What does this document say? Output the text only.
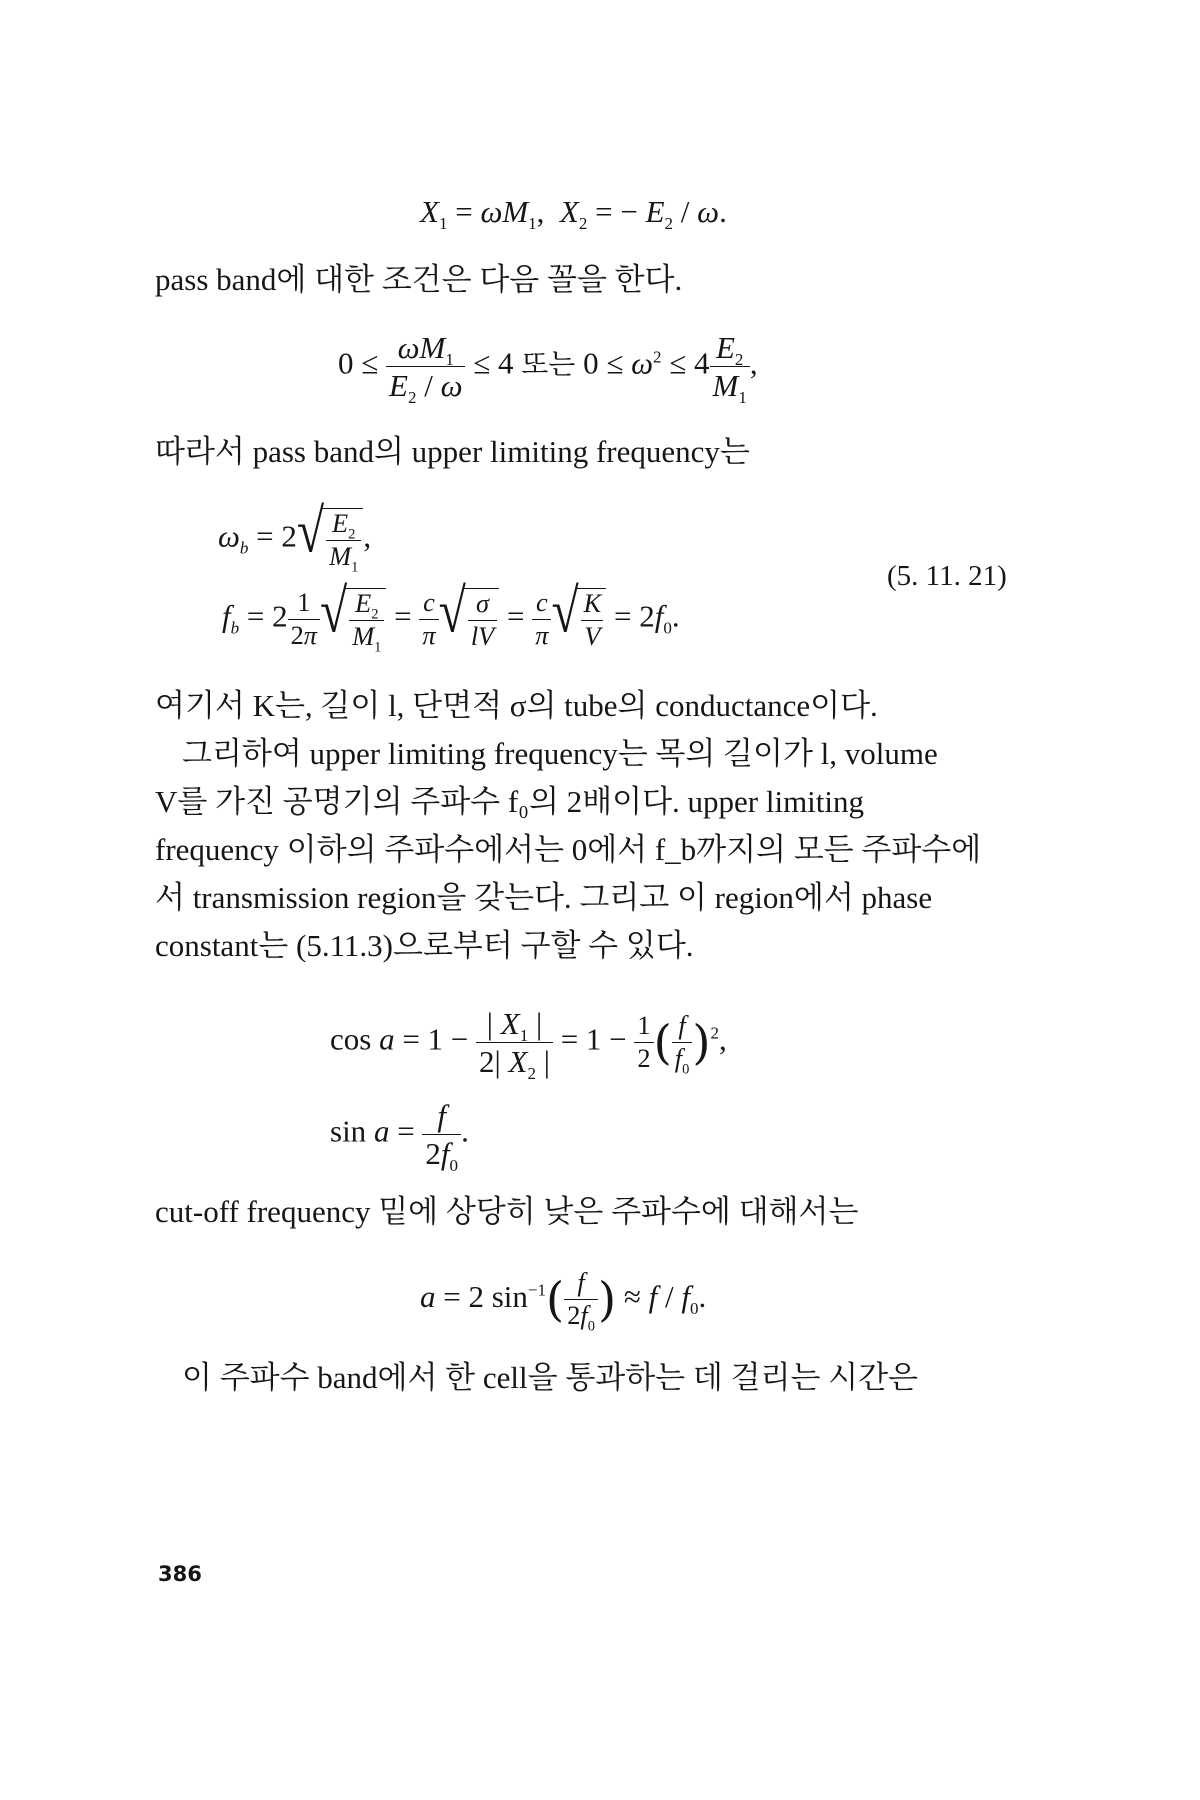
$X_1 = \omega M_1$,  $X_2$ = − $E_2$ / ω.
pass band에 대한 조건은 다음 꼴을 한다.
$0 \le \frac{\omega M_1}{E_2 / \omega} \le 4$ 또는 $0 \le \omega^2 \le 4 \frac{E_2}{M_1}$ ,
따라서 pass band의 upper limiting frequency는
$\omega_b = 2$ √ $\frac{E_2}{M_1}$ ,
$f_b = 2 \frac{1}{2\pi}$ √ $\frac{E_2}{M_1} = \frac{c}{\pi}$ √ $\frac{\sigma}{lV} = \frac{c}{\pi}$ √ $\frac{K}{V} = 2f_0$.
(5. 11. 21)
여기서 K는, 길이 l, 단면적 σ의 tube의 conductance이다.
그리하여 upper limiting frequency는 목의 길이가 l, volume
V를 가진 공명기의 주파수 f₀의 2배이다. upper limiting
frequency 이하의 주파수에서는 0에서 f_b까지의 모든 주파수에
서 transmission region을 갖는다. 그리고 이 region에서 phase
constant는 (5.11.3)으로부터 구할 수 있다.
$\cos a = 1 - \frac{| X_1 |}{2| X_2 |} = 1 - \frac{1}{2}$ ( $\frac{f}{f_0} )^2$,
$\sin a = \frac{f}{2f_0}$ .
cut-off frequency 밑에 상당히 낮은 주파수에 대해서는
a = 2 $\sin^{-1}( \frac{f}{2f_0}$ ) ≈ f / $f_0$.
이 주파수 band에서 한 cell을 통과하는 데 걸리는 시간은
386
